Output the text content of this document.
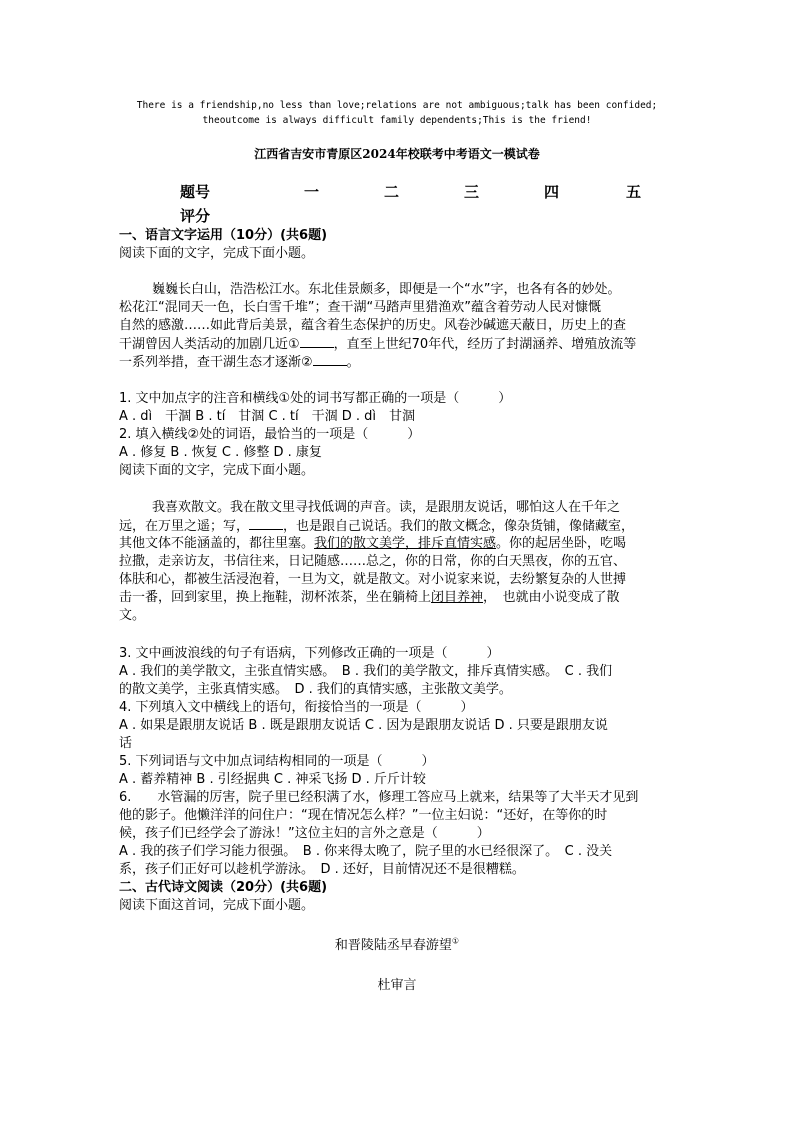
There is a friendship,no less than love;relations are not ambiguous;talk has been confided;
theoutcome is always difficult family dependents;This is the friend!
江西省吉安市青原区2024年校联考中考语文一模试卷
题号	一	二	三	四	五
评分
一、语言文字运用（10分）(共6题)
阅读下面的文字，完成下面小题。
巍巍长白山，浩浩松江水。东北佳景颇多，即便是一个“水”字，也各有各的妙处。
松花江“混同天一色，长白雪千堆”；查干湖“马踏声里猎渔欢”蕴含着劳动人民对慷慨
自然的感激……如此背后美景，蕴含着生态保护的历史。风卷沙碱遮天蔽日，历史上的查
干湖曾因人类活动的加剧几近①	，直至上世纪70年代，经历了封湖涵养、增殖放流等
一系列举措，查干湖生态才逐渐②	。
1. 文中加点字的注音和横线①处的词书写都正确的一项是（　　　）
A . dì　干涸 B . tí　甘涸 C . tí　干涸 D . dì　甘涸
2. 填入横线②处的词语，最恰当的一项是（　　　）
A . 修复 B . 恢复 C . 修整 D . 康复
阅读下面的文字，完成下面小题。
我喜欢散文。我在散文里寻找低调的声音。读，是跟朋友说话，哪怕这人在千年之
远，在万里之遥；写，	，也是跟自己说话。我们的散文概念，像杂货铺，像储藏室，
其他文体不能涵盖的，都往里塞。我们的散文美学，排斥直情实感。你的起居坐卧，吃喝
拉撒，走亲访友，书信往来，日记随感……总之，你的日常，你的白天黑夜，你的五官、
体肤和心，都被生活浸泡着，一旦为文，就是散文。对小说家来说，去纷繁复杂的人世搏
击一番，回到家里，换上拖鞋，沏杯浓茶，坐在躺椅上闭目养神，　也就由小说变成了散
文。
3. 文中画波浪线的句子有语病，下列修改正确的一项是（　　　）
A . 我们的美学散文，主张直情实感。　B . 我们的美学散文，排斥真情实感。　C . 我们
的散文美学，主张真情实感。　D . 我们的真情实感，主张散文美学。
4. 下列填入文中横线上的语句，衔接恰当的一项是（　　　）
A . 如果是跟朋友说话 B . 既是跟朋友说话 C . 因为是跟朋友说话 D . 只要是跟朋友说
话
5. 下列词语与文中加点词结构相同的一项是（　　　）
A . 蓄养精神 B . 引经据典 C . 神采飞扬 D . 斤斤计较
6.　　水管漏的厉害，院子里已经积满了水，修理工答应马上就来，结果等了大半天才见到
他的影子。他懒洋洋的问住户：“现在情况怎么样？”一位主妇说：“还好，在等你的时
候，孩子们已经学会了游泳！”这位主妇的言外之意是（　　　）
A . 我的孩子们学习能力很强。　B . 你来得太晚了，院子里的水已经很深了。　C . 没关
系，孩子们正好可以趁机学游泳。　D . 还好，目前情况还不是很糟糕。
二、古代诗文阅读（20分）(共6题)
阅读下面这首词，完成下面小题。
和晋陵陆丞早春游望①
杜审言
